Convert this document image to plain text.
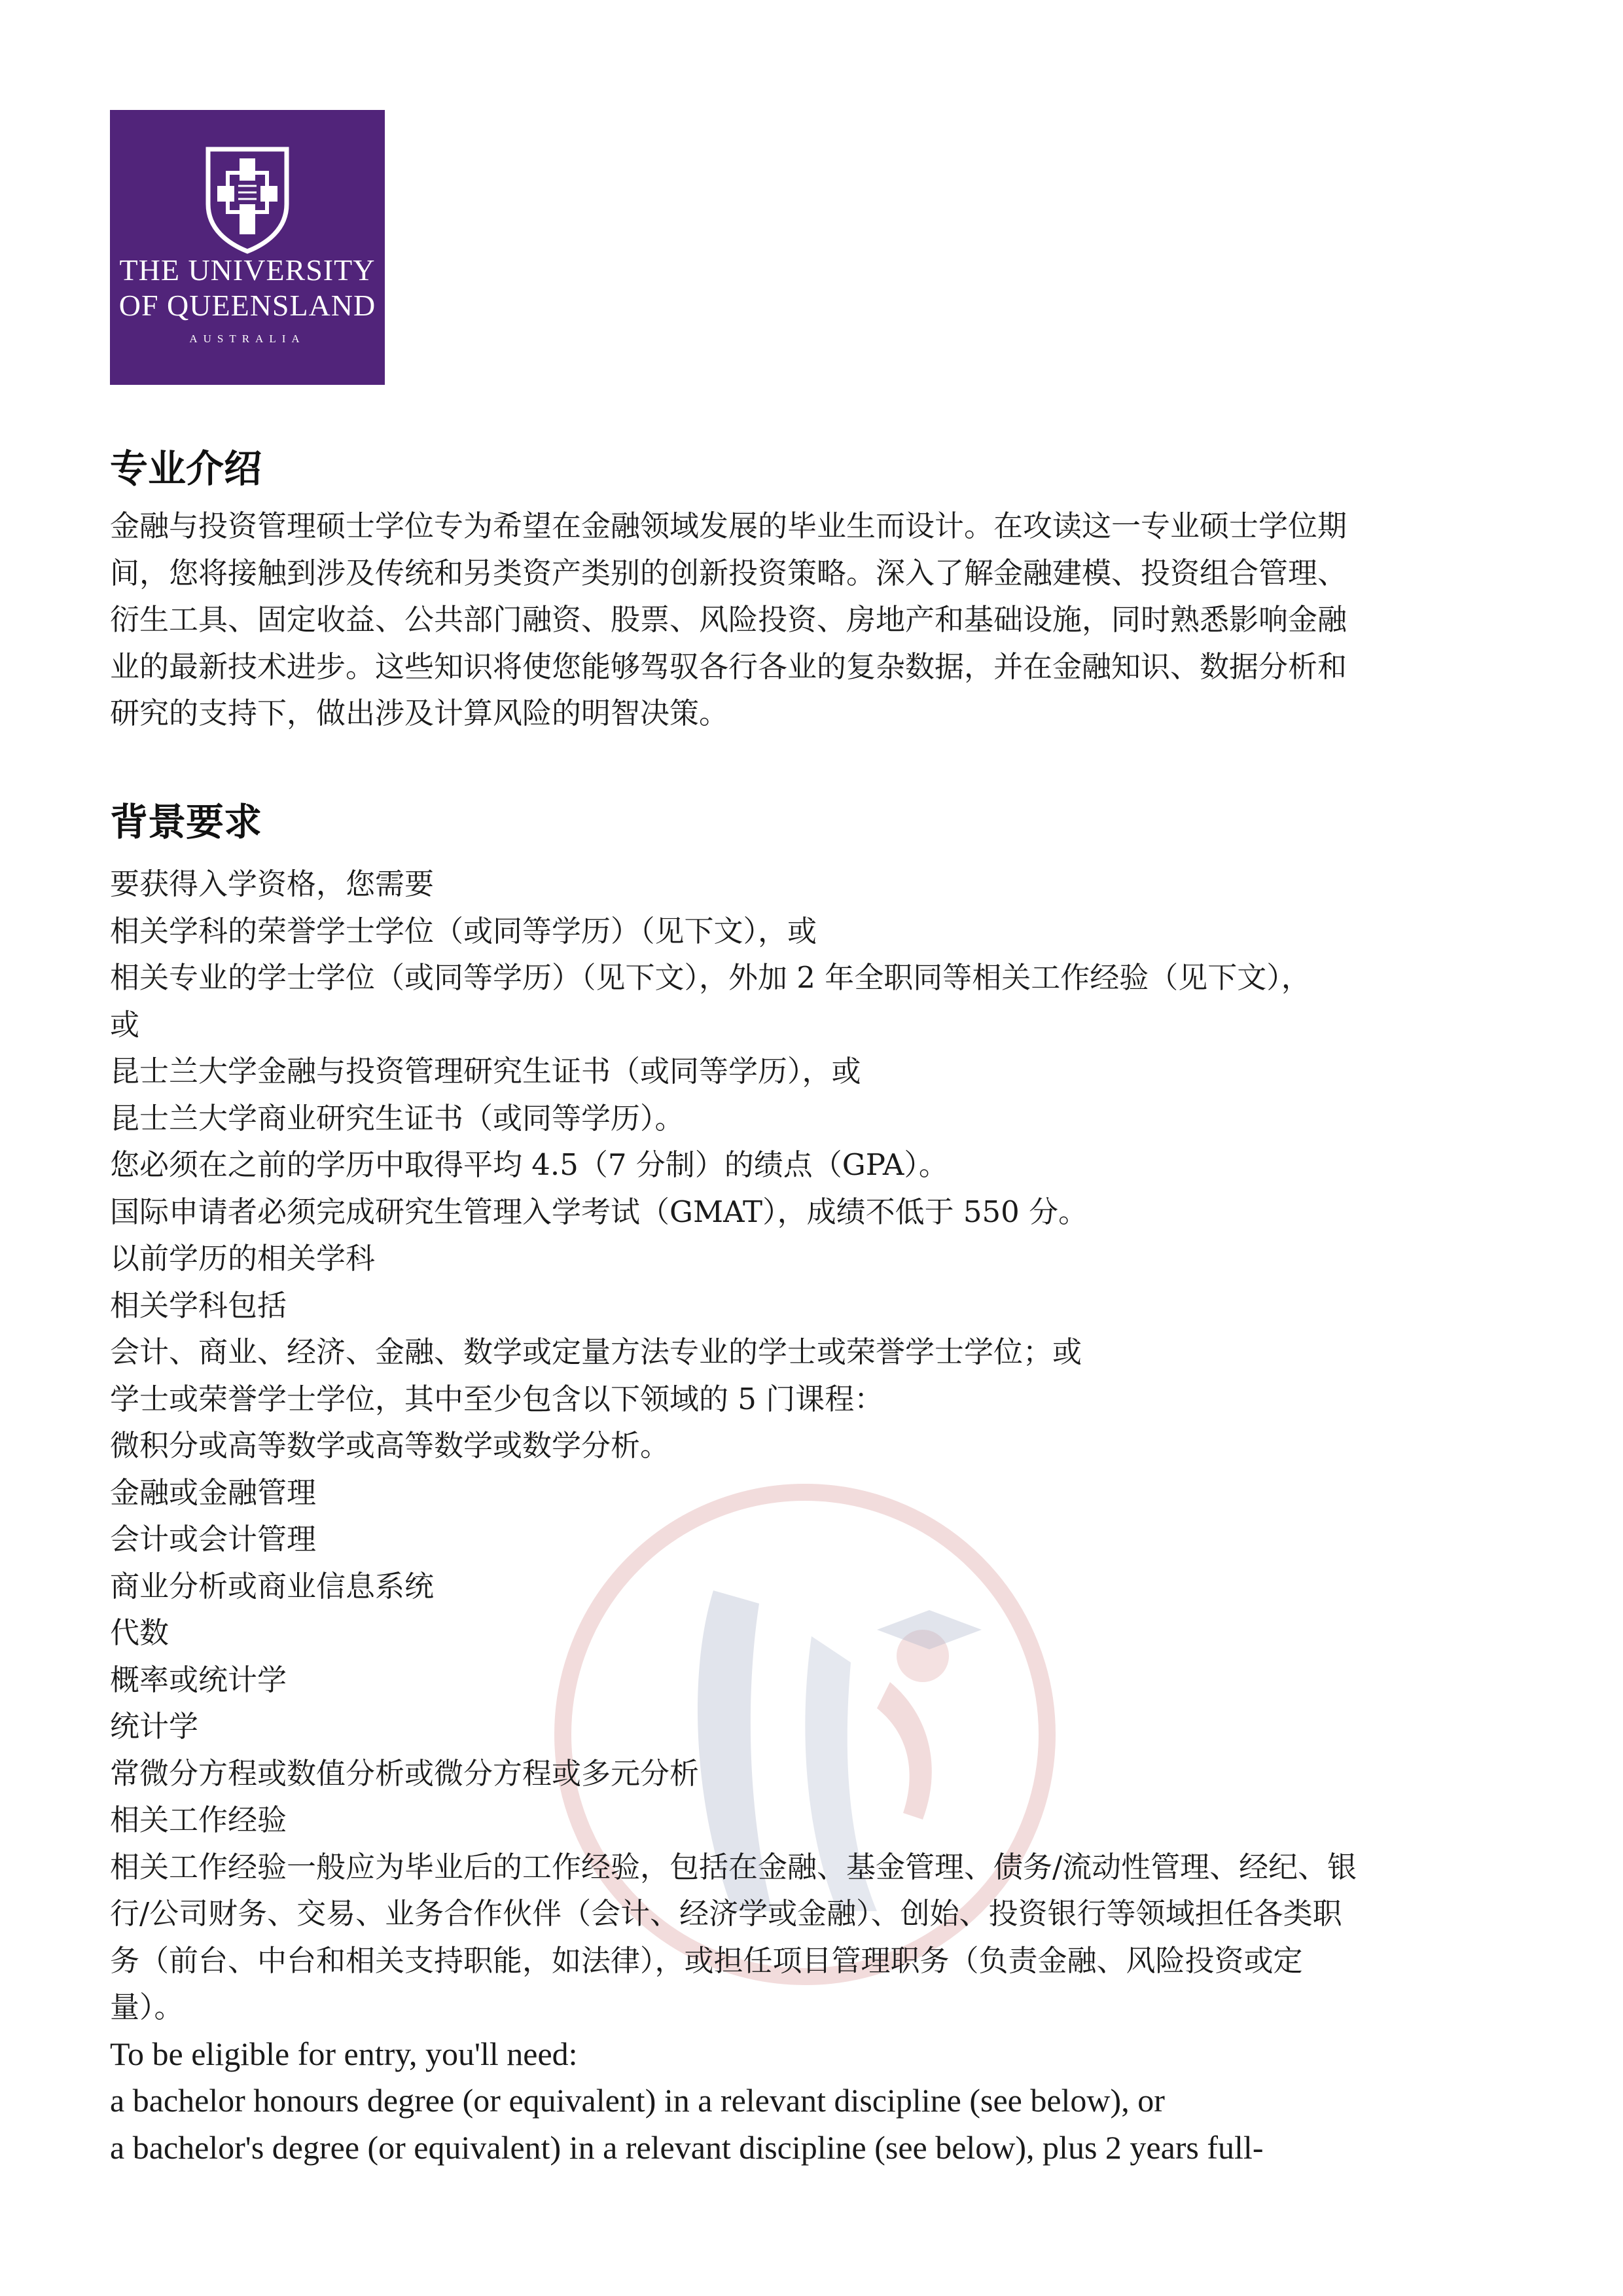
THE UNIVERSITY
OF QUEENSLAND
AUSTRALIA
专业介绍
金融与投资管理硕士学位专为希望在金融领域发展的毕业生而设计。在攻读这一专业硕士学位期
间，您将接触到涉及传统和另类资产类别的创新投资策略。深入了解金融建模、投资组合管理、
衍生工具、固定收益、公共部门融资、股票、风险投资、房地产和基础设施，同时熟悉影响金融
业的最新技术进步。这些知识将使您能够驾驭各行各业的复杂数据，并在金融知识、数据分析和
研究的支持下，做出涉及计算风险的明智决策。
背景要求
要获得入学资格，您需要
相关学科的荣誉学士学位（或同等学历）（见下文），或
相关专业的学士学位（或同等学历）（见下文），外加 2 年全职同等相关工作经验（见下文），
或
昆士兰大学金融与投资管理研究生证书（或同等学历），或
昆士兰大学商业研究生证书（或同等学历）。
您必须在之前的学历中取得平均 4.5（7 分制）的绩点（GPA）。
国际申请者必须完成研究生管理入学考试（GMAT），成绩不低于 550 分。
以前学历的相关学科
相关学科包括
会计、商业、经济、金融、数学或定量方法专业的学士或荣誉学士学位；或
学士或荣誉学士学位，其中至少包含以下领域的 5 门课程：
微积分或高等数学或高等数学或数学分析。
金融或金融管理
会计或会计管理
商业分析或商业信息系统
代数
概率或统计学
统计学
常微分方程或数值分析或微分方程或多元分析
相关工作经验
相关工作经验一般应为毕业后的工作经验，包括在金融、基金管理、债务/流动性管理、经纪、银
行/公司财务、交易、业务合作伙伴（会计、经济学或金融）、创始、投资银行等领域担任各类职
务（前台、中台和相关支持职能，如法律），或担任项目管理职务（负责金融、风险投资或定
量）。
To be eligible for entry, you'll need:
a bachelor honours degree (or equivalent) in a relevant discipline (see below), or
a bachelor's degree (or equivalent) in a relevant discipline (see below), plus 2 years full-
